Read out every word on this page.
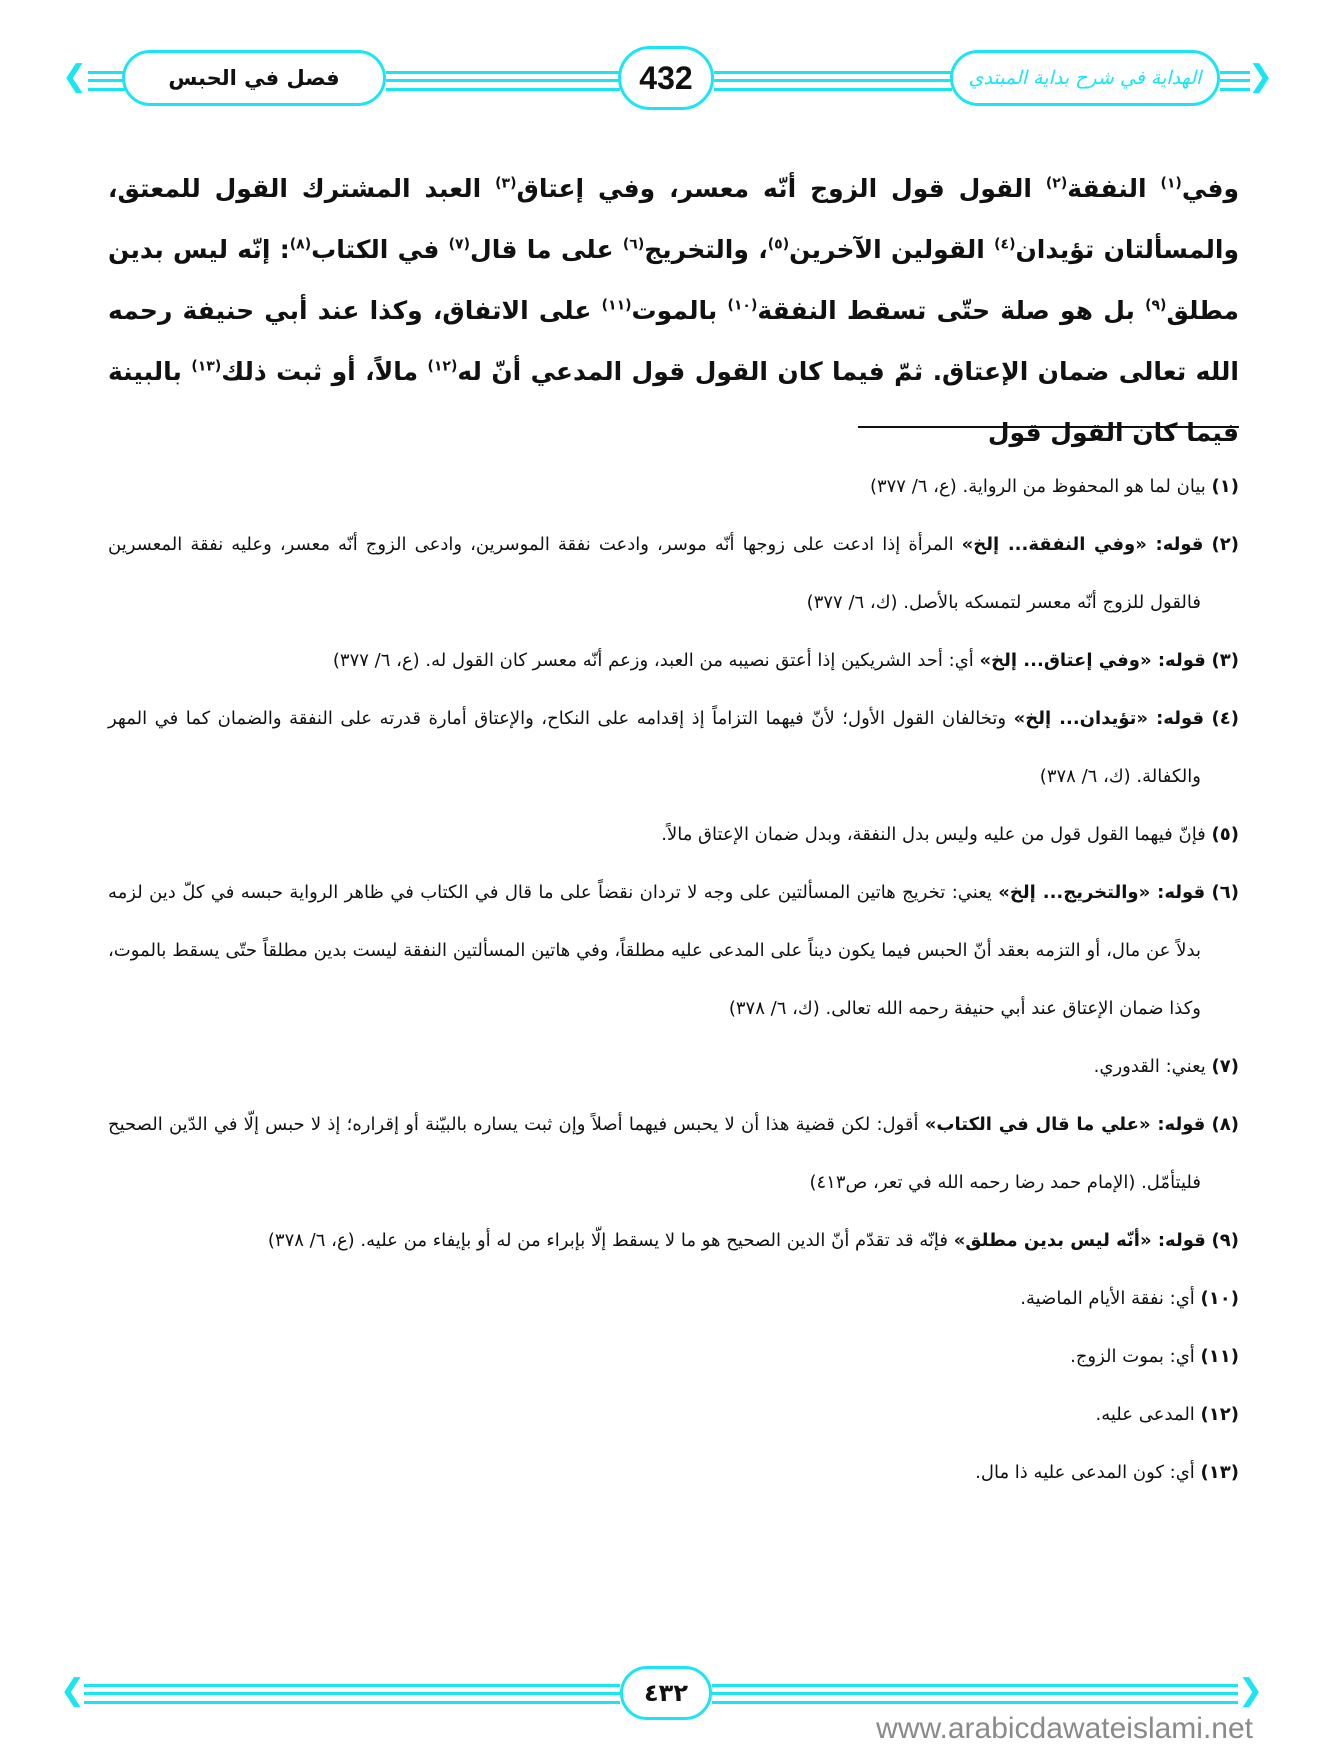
❮	فصل في الحبس	432	الهداية في شرح بداية المبتدي ❯
وفي$^{(١)}$ النفقة$^{(٢)}$ القول قول الزوج أنّه معسر، وفي إعتاق$^{(٣)}$ العبد المشترك القول للمعتق، والمسألتان تؤيدان$^{(٤)}$ القولين الآخرين$^{(٥)}$، والتخريج$^{(٦)}$ على ما قال$^{(٧)}$ في الكتاب$^{(٨)}$: إنّه ليس بدين مطلق$^{(٩)}$ بل هو صلة حتّى تسقط النفقة$^{(١٠)}$ بالموت$^{(١١)}$ على الاتفاق، وكذا عند أبي حنيفة رحمه الله تعالى ضمان الإعتاق. ثمّ فيما كان القول قول المدعي أنّ له$^{(١٢)}$ مالاً، أو ثبت ذلك$^{(١٣)}$ بالبينة فيما كان القول قول

(١) بيان لما هو المحفوظ من الرواية. (ع، ٦/ ٣٧٧)

(٢) قوله: «وفي النفقة... إلخ» المرأة إذا ادعت على زوجها أنّه موسر، وادعت نفقة الموسرين، وادعى الزوج أنّه معسر، وعليه نفقة المعسرين فالقول للزوج أنّه معسر لتمسكه بالأصل. (ك، ٦/ ٣٧٧)

(٣) قوله: «وفي إعتاق... إلخ» أي: أحد الشريكين إذا أعتق نصيبه من العبد، وزعم أنّه معسر كان القول له. (ع، ٦/ ٣٧٧)

(٤) قوله: «تؤيدان... إلخ» وتخالفان القول الأول؛ لأنّ فيهما التزاماً إذ إقدامه على النكاح، والإعتاق أمارة قدرته على النفقة والضمان كما في المهر والكفالة. (ك، ٦/ ٣٧٨)

(٥) فإنّ فيهما القول قول من عليه وليس بدل النفقة، وبدل ضمان الإعتاق مالاً.

(٦) قوله: «والتخريج... إلخ» يعني: تخريج هاتين المسألتين على وجه لا تردان نقضاً على ما قال في الكتاب في ظاهر الرواية حبسه في كلّ دين لزمه بدلاً عن مال، أو التزمه بعقد أنّ الحبس فيما يكون ديناً على المدعى عليه مطلقاً، وفي هاتين المسألتين النفقة ليست بدين مطلقاً حتّى يسقط بالموت، وكذا ضمان الإعتاق عند أبي حنيفة رحمه الله تعالى. (ك، ٦/ ٣٧٨)

(٧) يعني: القدوري.

(٨) قوله: «علي ما قال في الكتاب» أقول: لكن قضية هذا أن لا يحبس فيهما أصلاً وإن ثبت يساره بالبيّنة أو إقراره؛ إذ لا حبس إلّا في الدّين الصحيح فليتأمّل. (الإمام حمد رضا رحمه الله في تعر، ص٤١٣)

(٩) قوله: «أنّه ليس بدين مطلق» فإنّه قد تقدّم أنّ الدين الصحيح هو ما لا يسقط إلّا بإبراء من له أو بإيفاء من عليه. (ع، ٦/ ٣٧٨)

(١٠) أي: نفقة الأيام الماضية.

(١١) أي: بموت الزوج.

(١٢) المدعى عليه.

(١٣) أي: كون المدعى عليه ذا مال.

❮	٤٣٢	❯
www.arabicdawateislami.net
